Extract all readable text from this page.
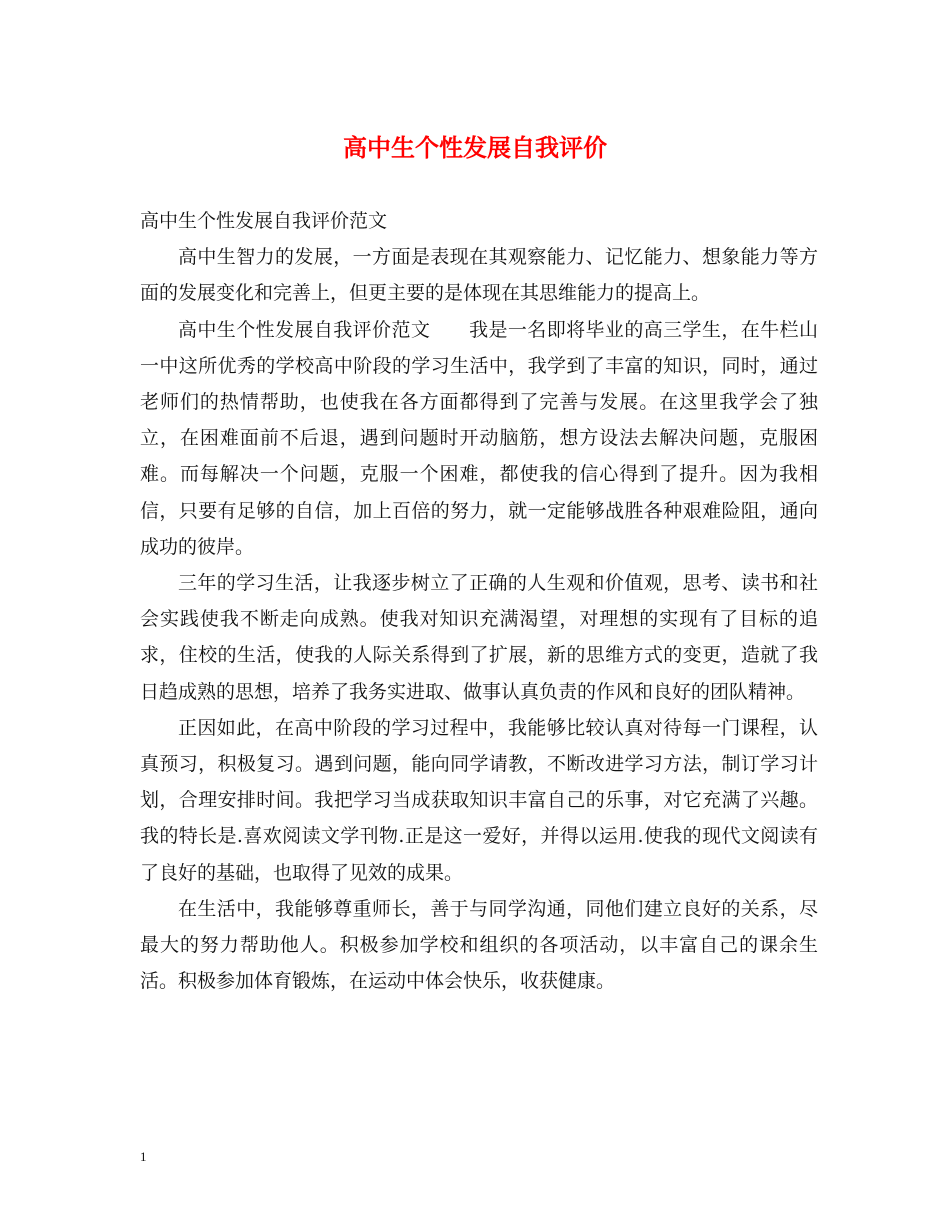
高中生个性发展自我评价

高中生个性发展自我评价范文

高中生智力的发展，一方面是表现在其观察能力、记忆能力、想象能力等方面的发展变化和完善上，但更主要的是体现在其思维能力的提高上。

高中生个性发展自我评价范文　　我是一名即将毕业的高三学生，在牛栏山一中这所优秀的学校高中阶段的学习生活中，我学到了丰富的知识，同时，通过老师们的热情帮助，也使我在各方面都得到了完善与发展。在这里我学会了独立，在困难面前不后退，遇到问题时开动脑筋，想方设法去解决问题，克服困难。而每解决一个问题，克服一个困难，都使我的信心得到了提升。因为我相信，只要有足够的自信，加上百倍的努力，就一定能够战胜各种艰难险阻，通向成功的彼岸。

三年的学习生活，让我逐步树立了正确的人生观和价值观，思考、读书和社会实践使我不断走向成熟。使我对知识充满渴望，对理想的实现有了目标的追求，住校的生活，使我的人际关系得到了扩展，新的思维方式的变更，造就了我日趋成熟的思想，培养了我务实进取、做事认真负责的作风和良好的团队精神。

正因如此，在高中阶段的学习过程中，我能够比较认真对待每一门课程，认真预习，积极复习。遇到问题，能向同学请教，不断改进学习方法，制订学习计划，合理安排时间。我把学习当成获取知识丰富自己的乐事，对它充满了兴趣。我的特长是.喜欢阅读文学刊物.正是这一爱好，并得以运用.使我的现代文阅读有了良好的基础，也取得了见效的成果。

在生活中，我能够尊重师长，善于与同学沟通，同他们建立良好的关系，尽最大的努力帮助他人。积极参加学校和组织的各项活动，以丰富自己的课余生活。积极参加体育锻炼，在运动中体会快乐，收获健康。

1
